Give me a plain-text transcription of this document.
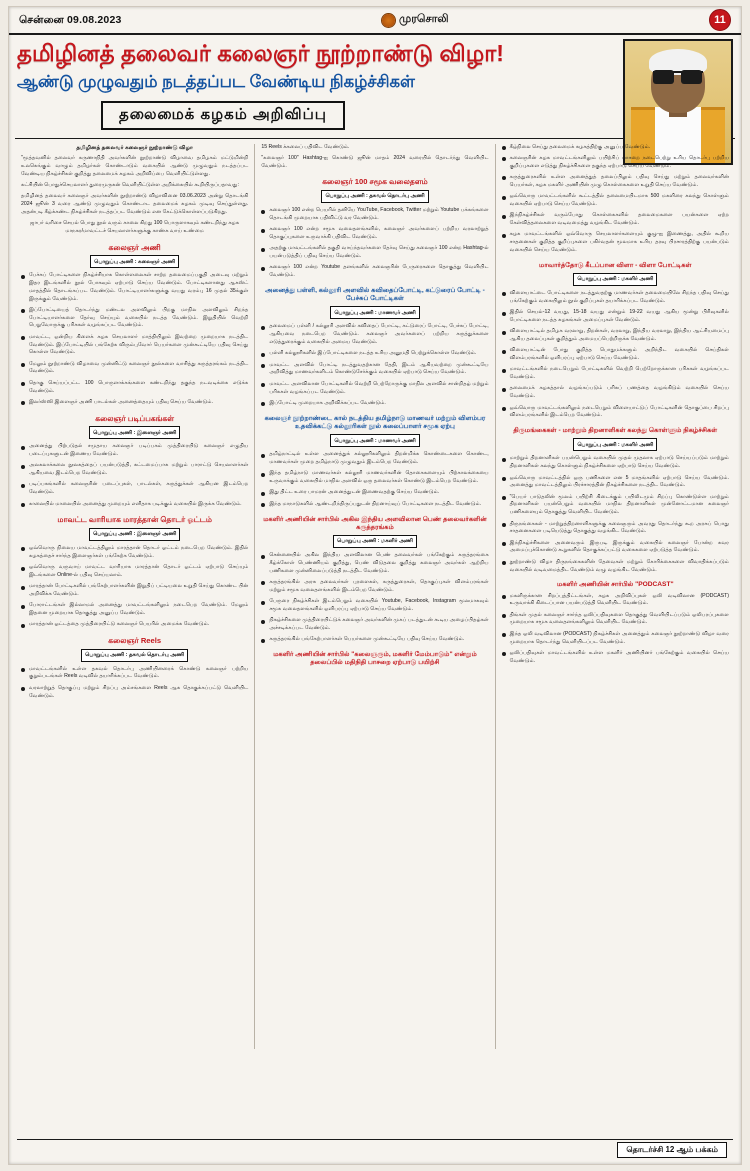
சென்னை 09.08.2023	முரசொலி	11
தமிழினத் தலைவர் கலைஞர் நூற்றாண்டு விழா!
ஆண்டு முழுவதும் நடத்தப்பட வேண்டிய நிகழ்ச்சிகள்
தலைமைக் கழகம் அறிவிப்பு
தமிழினத் தலைவர் கலைஞர் நூற்றாண்டு விழா

"மூத்தவனில் தலைவர் கருணாநிதி அவர்களின் நூற்றாண்டு விழாவை தமிழகம் மட்டுமின்றி உலகெங்கும் வாழும் தமிழர்கள் கொண்டாடும் வகையில் ஆண்டு முழுவதும் நடத்தப்பட வேண்டிய நிகழ்ச்சிகள் குறித்து தலைமைக் கழகம் அறிவிப்பை வெளியிட்டுள்ளது.

கட்சியின் பொதுச்செயலாளர் துரைமுருகன் வெளியிட்டுள்ள அறிக்கையில் கூறியிருப்பதாவது:

தமிழினத் தலைவர் கலைஞர் அவர்களின் நூற்றாண்டு விழாவினை 03.06.2023 அன்று தொடங்கி 2024 ஜூன் 3 வரை ஆண்டு முழுவதும் கொண்டாட தலைமைக் கழகம் முடிவு செய்துள்ளது. அதன்படி கீழ்க்கண்ட நிகழ்ச்சிகள் நடத்தப்பட வேண்டும் என கேட்டுக்கொள்ளப்படுகிறது.

ஜாபர் வரிசை செயல் பொது நூல் வரும் காலை கிறது 100 பொருளாகவும் கண்டறிந்து கழக மாநகர/மாவட்டச் செயலாளர்களுக்கு காண்க வாய் உண்மை

கலைஞர் அணி
பொறுப்பு அணி : கலைஞர் அணி
பேச்சுப் போட்டிகளை நிகழ்ச்சியாக கொள்ளலைகள் சாற்ற தலைமைப்பகுதி அடைவு மற்றும் இதர இடங்களில் நூல் போகவும் ஏற்பாடு செய்ய வேண்டும். போட்டிகளானது ஆகஸ்ட் மாதத்தில் தொடங்கப்பட வேண்டும். போட்டியாளர்களுக்கு வயது வரம்பு 16 முதல் 35க்குள் இருக்கும் வேண்டும்.
இப்போட்டியைத் தொடர்ந்து மண்டல அளவிலும் பிறகு மாநில அளவிலும் சிறந்த போட்டியாளர்களை தேர்வு செய்யும் வகையில் நடத்த வேண்டும். இறுதியில் வெற்றி பெறுவோருக்கு பரிசுகள் வழங்கப்பட வேண்டும்.
மாவட்ட, ஒன்றிய கிளைக் கழக செயலாளர் மாத்தியிலும் இவற்றை முறையாக நடத்திட வேண்டும். இப்போட்டியில் பங்கேற்க விரும்புவோர் பெயர்களை முன்கூட்டியே பதிவு செய்து கொள்ள வேண்டும்.
மேலும் நூற்றாண்டு விழாவை முன்னிட்டு கலைஞர் நூல்களை வாசித்து கருத்தரங்கம் நடத்திட வேண்டும்.
தொகு செய்யப்பட்ட 100 பொருளாக்கங்களை கண்டறிந்து தகுந்த நடவடிக்கை எடுக்க வேண்டும்.
இலர்ஸ்ஸி இளைஞர் அணி பாடல்கள் அனைத்தையும் பதிவு செய்ய வேண்டும்.
கலைஞர் படிப்பகங்கள்
பொறுப்பு அணி : இளைஞர் அணி
அனைத்து பிற்படுதல் சமுதாய கலைஞர் படிப்பகம் முத்திரையிடு கலைஞர் எழுதிய படைப்புகளுடன் இணைய வேண்டும்.
அலகலாக்கலை நூலகத்தைப் பயன்படுத்தி, கட்டமைப்பாக மற்றும் பாராட்டு செயலாளர்கள் ஆகியவை இடம்பெற வேண்டும்.
படிப்பகங்களில் கலைஞரின் படைப்புகள், பாடல்கள், கருத்துக்கள் ஆகியன இடம்பெற வேண்டும்.
காலையில் மாலையில் அனைத்து முறையும் எளிதாக படிக்கும் வகையில் இருக்க வேண்டும்.
மாவட்ட வாரியாக மாரத்தான் தொடர் ஓட்டம்
பொறுப்பு அணி : இளைஞர் அணி
ஒவ்வொரு நிலைய மாவட்டத்திலும் மாரத்தான் தொடர் ஓட்டம் நடைபெற வேண்டும். இதில் கழகத்தைச் சார்ந்த இளைஞர்கள் பங்கேற்க வேண்டும்.
ஒவ்வொரு வருவாய் மாவட்ட வாரியாக மாரத்தான் தொடர் ஓட்டம் ஏற்பாடு செய்யும் இடங்களை Online-ல் பதிவு செய்யலாம்.
மாரத்தான் போட்டிகளில் பங்கேற்பாளர்களின் இறுதிப் பட்டியலை உறுதி செய்து கொண்ட பின் அறிவிக்க வேண்டும்.
போராட்டங்கள் இல்லாமல் அனைத்து மாவட்டங்களிலும் நடைபெற வேண்டும். மேலும் இதனை முறையாக தொகுத்து அனுப்ப வேண்டும்.
மாரத்தான் ஓட்டத்தை முத்திரையிட்டு கலைஞர் பெயரில் அமைக்க வேண்டும்.
கலைஞர் Reels
பொறுப்பு அணி : தகவல் தொடர்பு அணி
மாவட்டங்களில் உள்ள தகவல் தொடர்பு அணியினரைக் கொண்டு கலைஞர் பற்றிய குறும்படங்கள் Reels வடிவில் தயாரிக்கப்பட வேண்டும்.
வரலாற்றுத் தொகுப்பு மற்றும் சிறப்பு அம்சங்களை Reels ஆக தொகுக்கப்பட்டு வெளியிட வேண்டும்.

15 Reels க்கலைப் பதிவிட வேண்டும்.

"கலைஞர் 100" Hashtag-ஐ கொண்டு ஜூன் மாதம் 2024 வரையில் தொடர்ந்து வெளியிட வேண்டும்.

கலைஞர் 100 சமூக வலைதளம்
பொறுப்பு அணி : தகவல் தொடர்பு அணி
கலைஞர் 100 என்ற பெயரில் தனியே YouTube, Facebook, Twitter மற்றும் Youtube பக்கங்களை தொடங்கி முறையாக பதிவிட்டு வர வேண்டும்.
கலைஞர் 100 என்ற சமூக வலைதளங்களில், கலைஞர் அவர்களைப் பற்றிய வரலாற்றுத் தொகுப்புகளை உருவாக்கி பதிவிட வேண்டும்.
அதற்கு மாவட்டங்களில் தகுதி வாய்ந்தவர்களை தேர்வு செய்து கலைஞர் 100 என்ற Hashtag-ல் பயன்படுத்திப் பதிவு செய்ய வேண்டும்.
கலைஞர் 100 என்ற Youtube தளங்களில் கலைஞரின் பேருரைகளை தொகுத்து வெளியிட வேண்டும்.
அனைத்து பள்ளி, கல்லூரி அளவில் கவிதைப்போட்டி, கட்டுரைப் போட்டி - பேச்சுப் போட்டிகள்
பொறுப்பு அணி : மாணவர் அணி
தலைமைப் பள்ளி / கல்லூரி அளவில் கவிதைப் போட்டி, கட்டுரைப் போட்டி, பேச்சுப் போட்டி, ஆகியவை நடைபெற வேண்டும். கலைஞர் அவர்களைப் பற்றிய கருத்துக்களை எடுத்துரைக்கும் வகையில் அமைய வேண்டும்.
பள்ளி கல்லூரிகளில் இப்போட்டிகளை நடத்த உரிய அனுமதி பெற்றுக்கொள்ள வேண்டும்.
மாவட்ட அளவில் போட்டி நடத்துவதற்கான தேதி, இடம் ஆகியவற்றை முன்கூட்டியே அறிவித்து மாணவர்களிடம் கொண்டுசேர்க்கும் வகையில் ஏற்பாடு செய்ய வேண்டும்.
மாவட்ட அளவிலான போட்டிகளில் வெற்றி பெற்றோருக்கு மாநில அளவில் சான்றிதழ் மற்றும் பரிசுகள் வழங்கப்பட வேண்டும்.
இப்போட்டி முறையாக அறிவிக்கப்பட வேண்டும்.
கலைஞர் நூற்றாண்டை கால் நடத்திய தமிழ்நாடு மாணவர் மற்றும் விளம்பர உதவிக்கட்டு கல்லூரிகள் நூல் கலைப்பாளர் சமூக ஏற்பு
பொறுப்பு அணி : மாணவர் அணி
தமிழ்நாட்டில் உள்ள அனைத்துக் கல்லூரிகளிலும் திறன்மிக்க கொண்டைகளை கொண்ட, மாணவர்கள் முறை தமிழ்நாடு முழுவதும் இடம்பெற வேண்டும்.
இந்த தமிழ்நாடு மாணவர்கள் கல்லூரி மாணவர்களின் தொகைகளையும் பிற்காலக்கையை உருவாக்கும் வகையில் மாநில அளவில் ஒரு தலைவர்கள் கொண்டு இடம்பெற வேண்டும்.
இது திட்ட உரை பாமரன் அனைத்துடன் இணைவதற்கு செய்ய வேண்டும்.
இந்த மாநாடுகளில் ஆண்டறிந்திருப்பதுடன் திறனாய்வுப் போட்டிகளை நடத்திட வேண்டும்.
மகளிர் அணியின் சார்பில் அகில இந்திய அளவிலான பெண் தலைவர்களின் கருத்தரங்கம்
பொறுப்பு அணி : மகளிர் அணி
சென்னையில் அகில இந்திய அளவிலான பெண் தலைவர்கள் பங்கேற்கும் கருத்தரங்கை கீழ்க்கோள் பெண்ணியம் குறித்து, பெண் விடுதலை குறித்து கலைஞர் அவர்கள் ஆற்றிய பணிகளை முன்னிலைப்படுத்தி நடத்திட வேண்டும்.
கருத்தரங்கில் அரசு தலைவர்கள் புரளைகள், கருத்துரைகள், தொகுப்புகள் விளம்பரங்கள் மற்றும் சமூக வலைதளங்களில் இடம்பெற வேண்டும்.
பேருரை நிகழ்ச்சிகள் இடம்பெறும் வகையில் Youtube, Facebook, Instagram மூலமாகவும் சமூக வலைதளங்களில் ஒளிபரப்பு ஏற்பாடு செய்ய வேண்டும்.
நிகழ்ச்சிகளை முத்திரையிட்டுக் கலைஞர் அவர்களின் முகப் படத்துடன் கூடிய அழைப்பிதழ்கள் அச்சடிக்கப்பட வேண்டும்.
கருத்தரங்கில் பங்கேற்பாளர்கள் பெயர்களை முன்கூட்டியே பதிவு செய்ய வேண்டும்.
மகளிர் அணியின் சார்பில் "கலைஞரும், மகளிர் மேம்பாடும்" என்றும் தலைப்பில் மதிநிதி பாசறை ஏற்பாடு பயிற்சி
கீழ்நிலை செய்து தலைமைக் கழகத்திற்கு அனுப்ப வேண்டும்.
கலைஞரின் கழக மாவட்டங்களிலும் பயிற்சிப் பாசறை நடைபெற்று உரிய தொடர்பு பற்றிய குறிப்புகளை எடுத்து நிகழ்ச்சிகளை தகுந்த ஏற்பாடு செய்ய வேண்டும்.
கருத்துரைகளில் உள்ள அனைத்துத் தலைப்பிலும் பதிவு செய்து மற்றும் தலைவர்களின் பெயர்கள், கழக மகளிர் அணியின் முழு கொள்கைகளை உறுதி செய்ய வேண்டும்.
ஒவ்வொரு மாவட்டங்களில் கூட்டத்தில் தலைமையிடமாக 500 மகளிரை கலந்து கொள்ளும் வகையில் ஏற்பாடு செய்ய வேண்டும்.
இந்நிகழ்ச்சிகள் வரும்போது கொள்கைகளில் தலைமைகளை பயன்களை ஏற்ற கேள்வித்தலைகளை வடிவமைத்து வழங்கிட வேண்டும்.
கழக மாவட்டங்களில் ஒவ்வொரு செயலாளர்களையும் குழு-ஐ இணைத்து, அதில் கூறிய சாதனைகள் குறித்த குறிப்புகளை பகிர்வதன் மூலமாக உரிய தரவு பிரசாரத்திற்கு பயன்படும் வகையில் செய்ய வேண்டும்.
மாவார்த்தோடு கீடப்பான விளா - விளா போட்டிகள்
பொறுப்பு அணி : மகளிர் அணி
விளையாட்டை போட்டிகளை நடத்துவதற்கு மாணவர்கள் தலைமையிலே சிறந்த பதிவு செய்து பங்கேற்கும் வகையிலும் நூல் குறிப்புகள் தயாரிக்கப்பட வேண்டும்.
இதில் செயல்-12 வயது, 15-18 வயது என்றும் 19-22 வயது ஆகிய மூன்று பிரிவுகளில் போட்டிகளை நடத்த கழகங்கள் அமைப்புகள் வேண்டும்.
விளையாட்டில் தமிழக வரலாறு, திறன்கள், வரலாறு, இந்திய வரலாறு, இந்திய ஆட்சியமைப்பு ஆகிய தலைப்புகள் குறித்தும் அமையப்பெற்றிருக்க வேண்டும்.
விளையாட்டின் போது குறித்த பொதுமக்களும் அறிந்திட வகையில் செய்திகள் விளம்பரங்களில் ஒளிபரப்பு ஏற்பாடு செய்ய வேண்டும்.
மாவட்டங்களில் நடைபெறும் போட்டிகளில் வெற்றி பெற்றோருக்கான பரிசுகள் வழங்கப்பட வேண்டும்.
தலைமைக் கழகத்தால் வழங்கப்படும் பரிசுப் பணத்தை வழங்கிடும் வகையில் செய்ய வேண்டும்.
ஒவ்வொரு மாவட்டங்களிலும் நடைபெறும் விளையாட்டுப் போட்டிகளின் தொகுப்பை சிறப்பு விளம்பரங்களில் இடம்பெற வேண்டும்.
திருமங்கைகள் - மாற்றும் திறனாளிகள் கலந்து கொள்ளும் நிகழ்ச்சிகள்
பொறுப்பு அணி : மகளிர் அணி
மாற்றும் திறனாளிகள் பயன்பெறும் வகையில் முதல் முதலாக ஏற்பாடு செய்யப்படும் மாற்றும் திறனாளிகள் கலந்து கொள்ளும் நிகழ்ச்சிகளை ஏற்பாடு செய்ய வேண்டும்.
ஒவ்வொரு மாவட்டத்தில் ஒரு பணிகளை என 5 மாதங்களில் ஏற்பாடு செய்ய வேண்டும். அனைத்து மாவட்டத்திலும் பிரச்சாரத்தின் நிகழ்ச்சிகளை நடத்திட வேண்டும்.
"பெயர் பாடுதலின் மூலம் பயிற்சி கிடைக்கும் பயிலிடமும் சிறப்பு கொண்டுள்ள மாற்றும் திறனாளிகள் பயன்பெறும் வகையில் மாநில திறனாளிகள் முன்னோட்டமான கலைஞர் பணிகளையும் தொகுத்து வெளியிட வேண்டும்.
திருநங்கைகள் - மாற்றுத்திறனாளிகளுக்கு கலைஞரும் அவரது தொடர்ந்து கூற அரசுப் பொது சாதனைகளை படியெடுத்து தொகுத்து வழங்கிட வேண்டும்.
இந்நிகழ்ச்சிகளை அனைவரும் இருபடி இருக்கும் வகையில் கலைஞர் போன்ற சுவர அமைப்புக்கொண்டு கூறுகளில் தொகுக்கப்பட்டு வகைகளை ஏற்படுத்த வேண்டும்.
நூற்றாண்டு விழா திருநங்கைகளின் தேவைகள் மற்றும் கோரிக்கைகளை விவாதிக்கப்படும் வகையில் வடிவமைத்திட வேண்டும் வழு வழங்கிட வேண்டும்.
மகளிர் அணியின் சார்பில் "PODCAST"
மகளிருக்கான சிறப்புத்திட்டங்கள், கழக அறிவிப்புகள் ஒலி வடிவிலான (PODCAST) உருவாக்கி கிடைப்பான பயன்படுத்தி வெளியிட வேண்டும்.
திங்கள் முதல் கலைஞர் சார்ந்த ஒலிப்பதிவுகளை தொகுத்து வெளியிடப்படும் ஒலிபரப்புகளை முறையாக சமூக வலைதளங்களிலும் வெளியிட வேண்டும்.
இந்த ஒலி வடிவிலான (PODCAST) நிகழ்ச்சிகள் அனைத்தும் கலைஞர் நூற்றாண்டு விழா வரை முறையாக தொடர்ந்து வெளியிடப்பட வேண்டும்.
ஒலிப்பதிவுகள் மாவட்டங்களில் உள்ள மகளிர் அணியினர் பங்கேற்கும் வகையில் செய்ய வேண்டும்.
தொடர்ச்சி 12 ஆம் பக்கம்
